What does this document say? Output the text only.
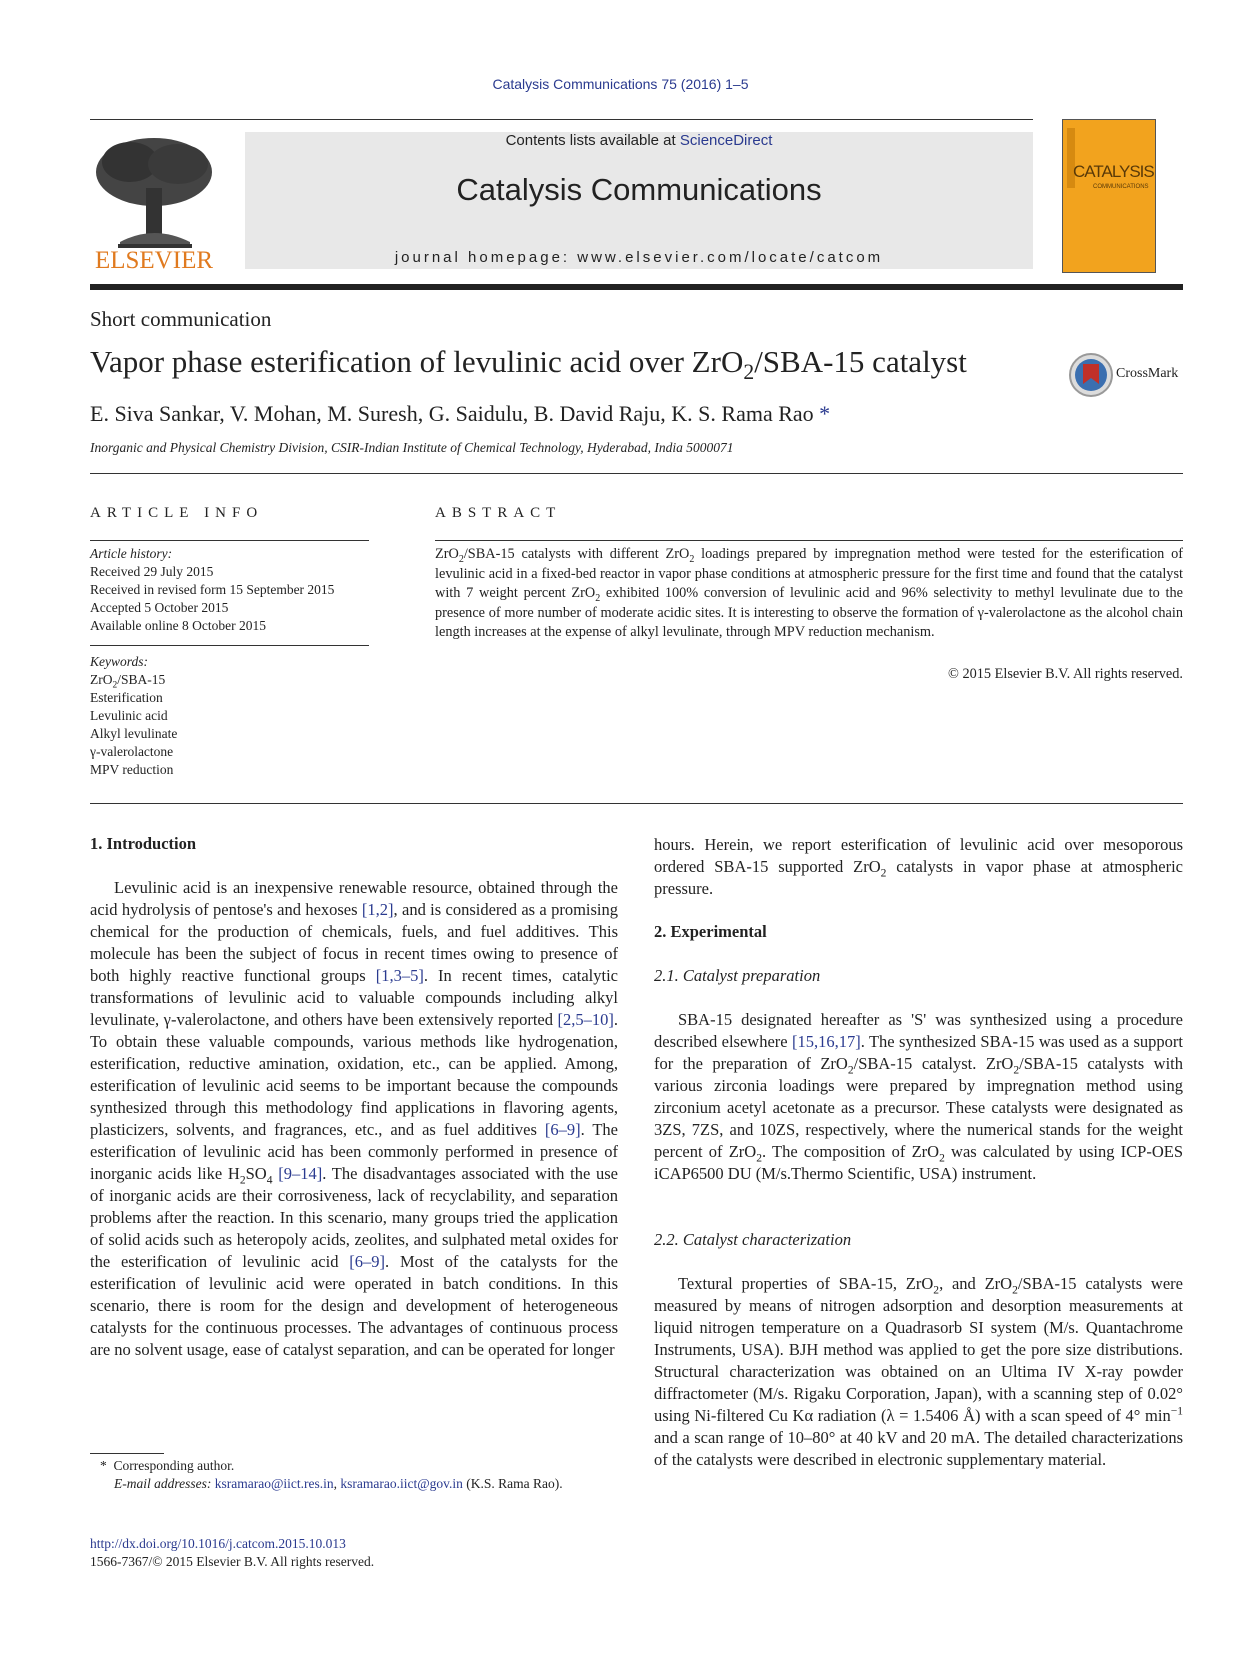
Catalysis Communications 75 (2016) 1–5
ELSEVIER
Contents lists available at ScienceDirect
Catalysis Communications
journal homepage: www.elsevier.com/locate/catcom
CATALYSIS
COMMUNICATIONS
Short communication
Vapor phase esterification of levulinic acid over ZrO$_2$/SBA-15 catalyst	CrossMark
E. Siva Sankar, V. Mohan, M. Suresh, G. Saidulu, B. David Raju, K. S. Rama Rao *
Inorganic and Physical Chemistry Division, CSIR-Indian Institute of Chemical Technology, Hyderabad, India 5000071
ARTICLE INFO
Article history:
Received 29 July 2015
Received in revised form 15 September 2015
Accepted 5 October 2015
Available online 8 October 2015
Keywords:
ZrO$_2$/SBA-15
Esterification
Levulinic acid
Alkyl levulinate
γ-valerolactone
MPV reduction
ABSTRACT
ZrO$_2$/SBA-15 catalysts with different ZrO$_2$ loadings prepared by impregnation method were tested for the esterification of levulinic acid in a fixed-bed reactor in vapor phase conditions at atmospheric pressure for the first time and found that the catalyst with 7 weight percent ZrO$_2$ exhibited 100% conversion of levulinic acid and 96% selectivity to methyl levulinate due to the presence of more number of moderate acidic sites. It is interesting to observe the formation of γ-valerolactone as the alcohol chain length increases at the expense of alkyl levulinate, through MPV reduction mechanism.
© 2015 Elsevier B.V. All rights reserved.
1. Introduction
Levulinic acid is an inexpensive renewable resource, obtained through the acid hydrolysis of pentose's and hexoses [1,2], and is considered as a promising chemical for the production of chemicals, fuels, and fuel additives. This molecule has been the subject of focus in recent times owing to presence of both highly reactive functional groups [1,3–5]. In recent times, catalytic transformations of levulinic acid to valuable compounds including alkyl levulinate, γ-valerolactone, and others have been extensively reported [2,5–10]. To obtain these valuable compounds, various methods like hydrogenation, esterification, reductive amination, oxidation, etc., can be applied. Among, esterification of levulinic acid seems to be important because the compounds synthesized through this methodology find applications in flavoring agents, plasticizers, solvents, and fragrances, etc., and as fuel additives [6–9]. The esterification of levulinic acid has been commonly performed in presence of inorganic acids like $H_2SO_4$ [9–14]. The disadvantages associated with the use of inorganic acids are their corrosiveness, lack of recyclability, and separation problems after the reaction. In this scenario, many groups tried the application of solid acids such as heteropoly acids, zeolites, and sulphated metal oxides for the esterification of levulinic acid [6–9]. Most of the catalysts for the esterification of levulinic acid were operated in batch conditions. In this scenario, there is room for the design and development of heterogeneous catalysts for the continuous processes. The advantages of continuous process are no solvent usage, ease of catalyst separation, and can be operated for longer
* Corresponding author.
E-mail addresses: ksramarao@iict.res.in, ksramarao.iict@gov.in (K.S. Rama Rao).
http://dx.doi.org/10.1016/j.catcom.2015.10.013
1566-7367/© 2015 Elsevier B.V. All rights reserved.
hours. Herein, we report esterification of levulinic acid over mesoporous ordered SBA-15 supported ZrO$_2$ catalysts in vapor phase at atmospheric pressure.
2. Experimental
2.1. Catalyst preparation
SBA-15 designated hereafter as 'S' was synthesized using a procedure described elsewhere [15,16,17]. The synthesized SBA-15 was used as a support for the preparation of ZrO$_2$/SBA-15 catalyst. ZrO$_2$/SBA-15 catalysts with various zirconia loadings were prepared by impregnation method using zirconium acetyl acetonate as a precursor. These catalysts were designated as 3ZS, 7ZS, and 10ZS, respectively, where the numerical stands for the weight percent of ZrO$_2$. The composition of ZrO$_2$ was calculated by using ICP-OES iCAP6500 DU (M/s.Thermo Scientific, USA) instrument.
2.2. Catalyst characterization
Textural properties of SBA-15, ZrO$_2$, and ZrO$_2$/SBA-15 catalysts were measured by means of nitrogen adsorption and desorption measurements at liquid nitrogen temperature on a Quadrasorb SI system (M/s. Quantachrome Instruments, USA). BJH method was applied to get the pore size distributions. Structural characterization was obtained on an Ultima IV X-ray powder diffractometer (M/s. Rigaku Corporation, Japan), with a scanning step of 0.02° using Ni-filtered Cu Kα radiation (λ = 1.5406 Å) with a scan speed of 4° $\min^{-1}$ and a scan range of 10–80° at 40 kV and 20 mA. The detailed characterizations of the catalysts were described in electronic supplementary material.
